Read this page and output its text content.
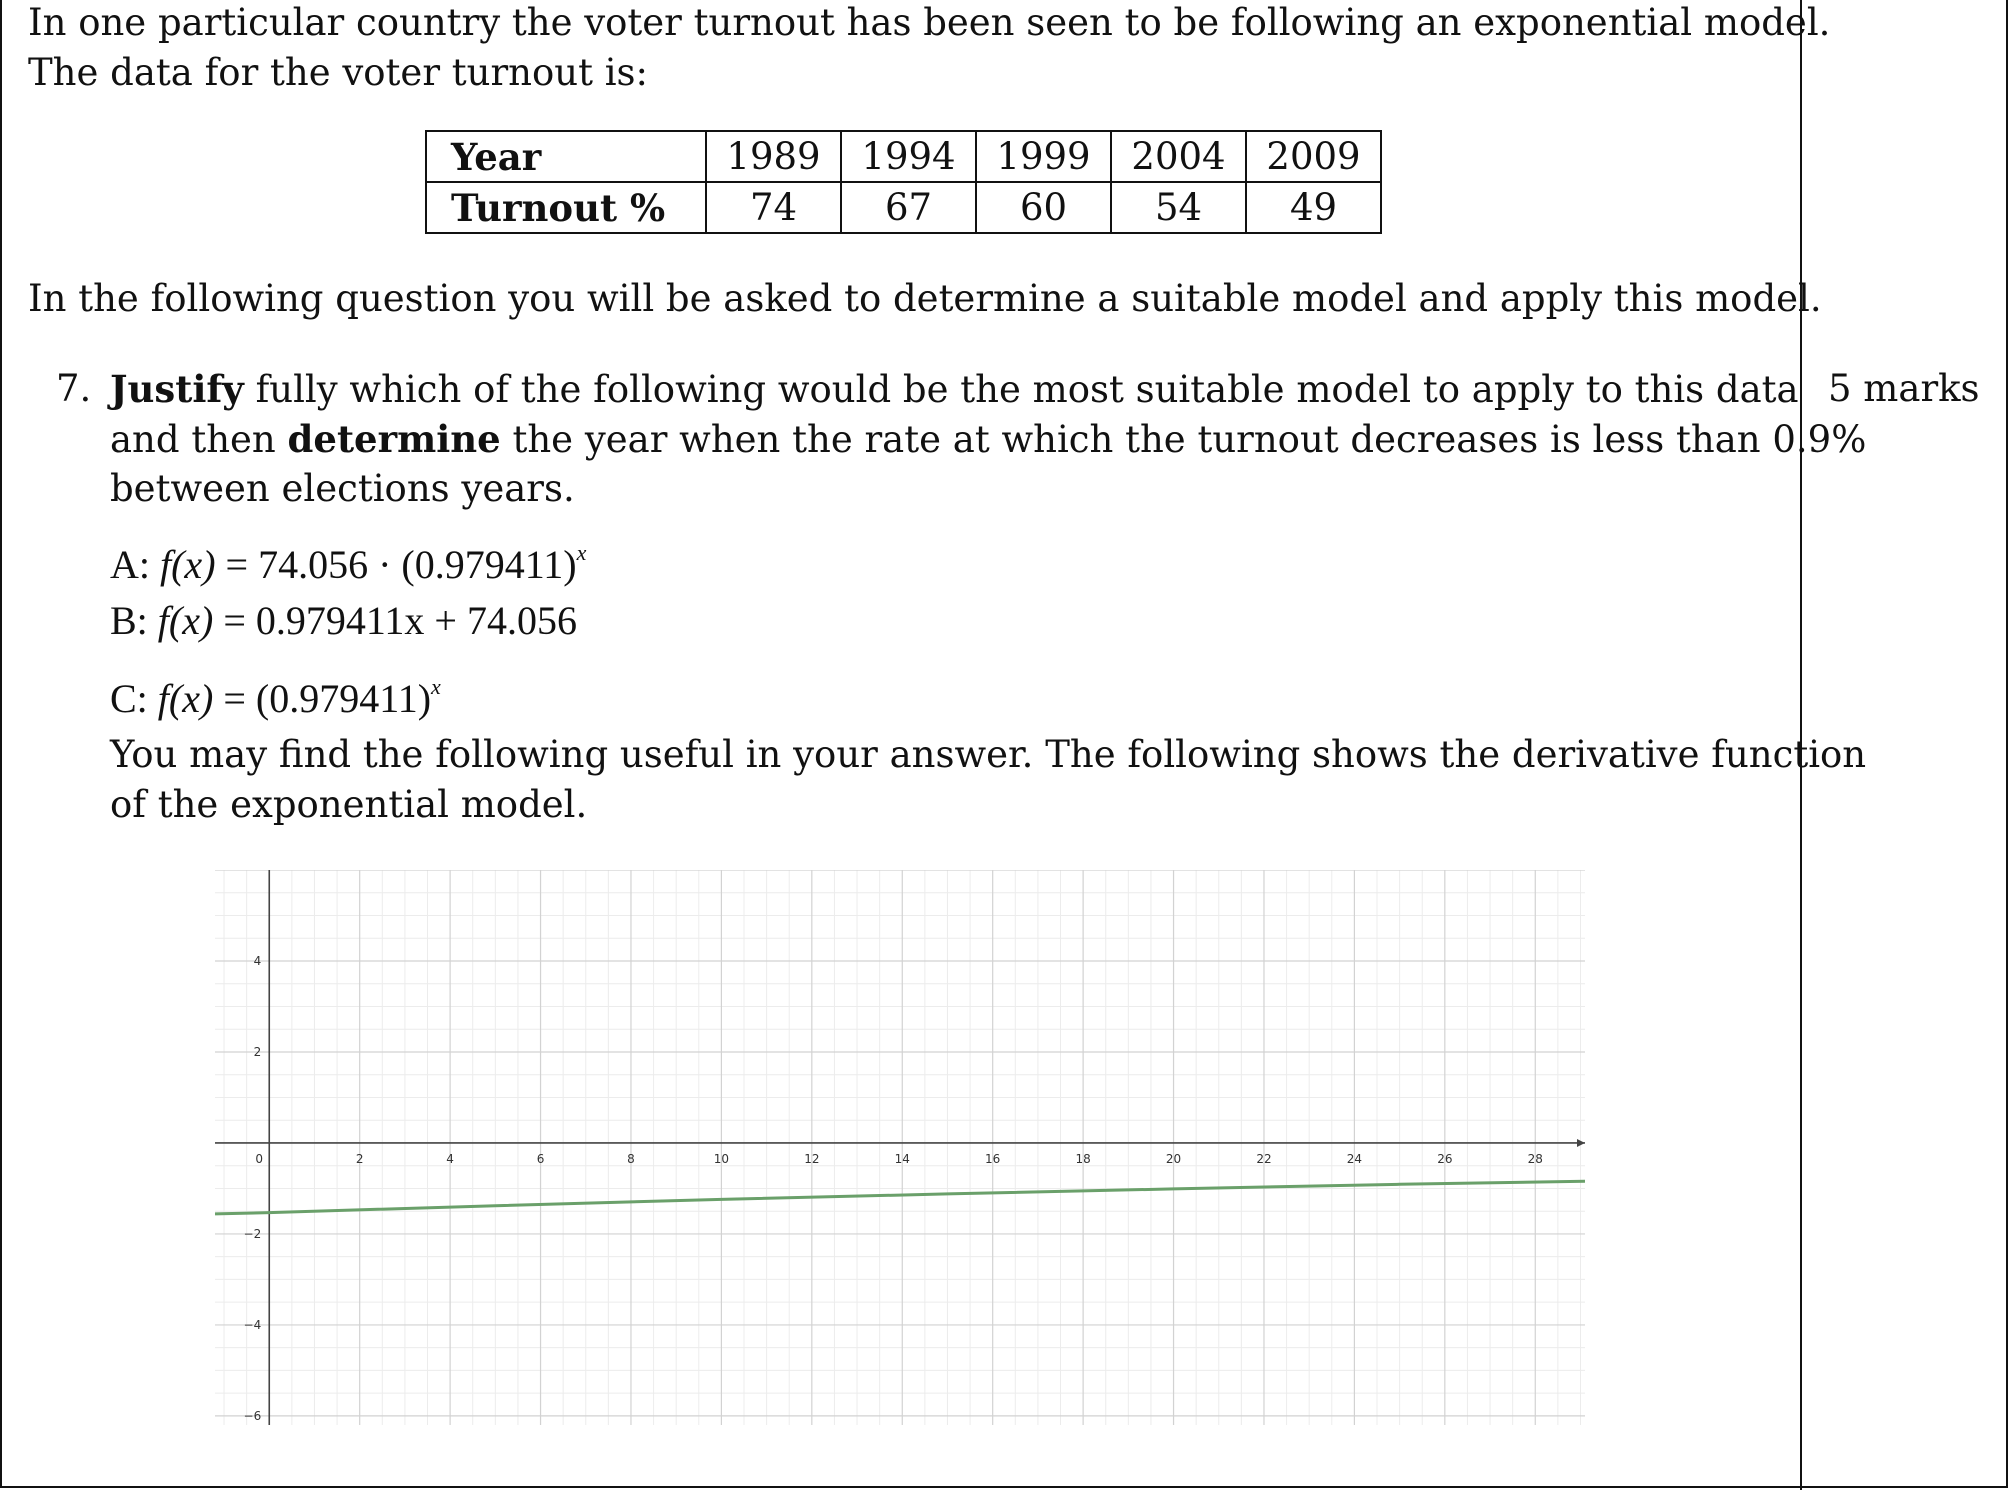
In one particular country the voter turnout has been seen to be following an exponential model.
The data for the voter turnout is:
Year	1989	1994	1999	2004	2009
Turnout %	74	67	60	54	49
In the following question you will be asked to determine a suitable model and apply this model.
7.	5 marks
Justify fully which of the following would be the most suitable model to apply to this data
and then determine the year when the rate at which the turnout decreases is less than 0.9%
between elections years.
A: $f(x) = 74.056 \cdot (0.979411)^x$
B: f(x) = 0.979411x + 74.056
C: $f(x) = (0.979411)^x$
You may find the following useful in your answer. The following shows the derivative function
of the exponential model.
0	2	4	6	8	10	12	14	16	18	20	22	24	26	28
4
2
−2
−4
−6
